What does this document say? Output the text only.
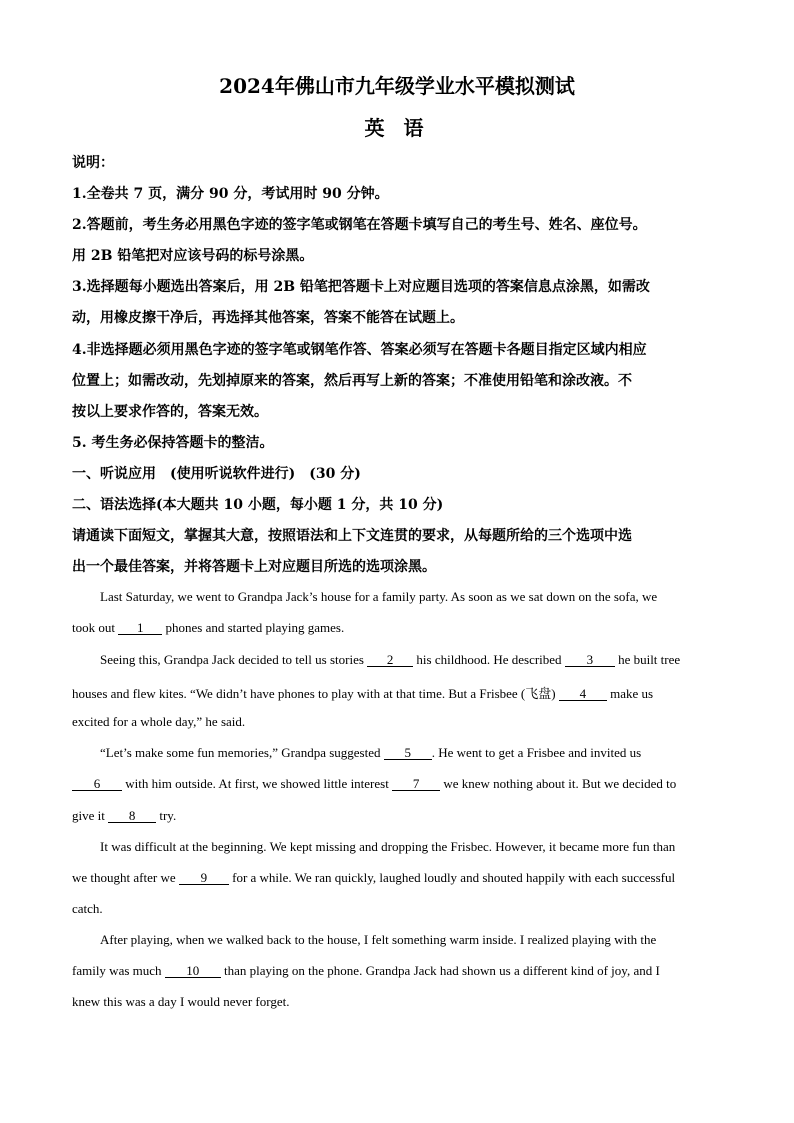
2024年佛山市九年级学业水平模拟测试
英 语
说明：
1.全卷共 7 页，满分 90 分，考试用时 90 分钟。
2.答题前，考生务必用黑色字迹的签字笔或钢笔在答题卡填写自己的考生号、姓名、座位号。
用 2B 铅笔把对应该号码的标号涂黑。
3.选择题每小题选出答案后，用 2B 铅笔把答题卡上对应题目选项的答案信息点涂黑，如需改
动，用橡皮擦干净后，再选择其他答案，答案不能答在试题上。
4.非选择题必须用黑色字迹的签字笔或钢笔作答、答案必须写在答题卡各题目指定区域内相应
位置上；如需改动，先划掉原来的答案，然后再写上新的答案；不准使用铅笔和涂改液。不
按以上要求作答的，答案无效。
5. 考生务必保持答题卡的整洁。
一、听说应用　(使用听说软件进行)　(30 分)
二、语法选择(本大题共 10 小题，每小题 1 分，共 10 分)
请通读下面短文，掌握其大意，按照语法和上下文连贯的要求，从每题所给的三个选项中选
出一个最佳答案，并将答题卡上对应题目所选的选项涂黑。
Last Saturday, we went to Grandpa Jack’s house for a family party. As soon as we sat down on the sofa, we
took out 1 phones and started playing games.
Seeing this, Grandpa Jack decided to tell us stories 2 his childhood. He described 3 he built tree
houses and flew kites. “We didn’t have phones to play with at that time. But a Frisbee (飞盘) 4 make us
excited for a whole day,” he said.
“Let’s make some fun memories,” Grandpa suggested 5 . He went to get a Frisbee and invited us
6 with him outside. At first, we showed little interest 7 we knew nothing about it. But we decided to
give it 8 try.
It was difficult at the beginning. We kept missing and dropping the Frisbec. However, it became more fun than
we thought after we 9 for a while. We ran quickly, laughed loudly and shouted happily with each successful
catch.
After playing, when we walked back to the house, I felt something warm inside. I realized playing with the
family was much 10 than playing on the phone. Grandpa Jack had shown us a different kind of joy, and I
knew this was a day I would never forget.
